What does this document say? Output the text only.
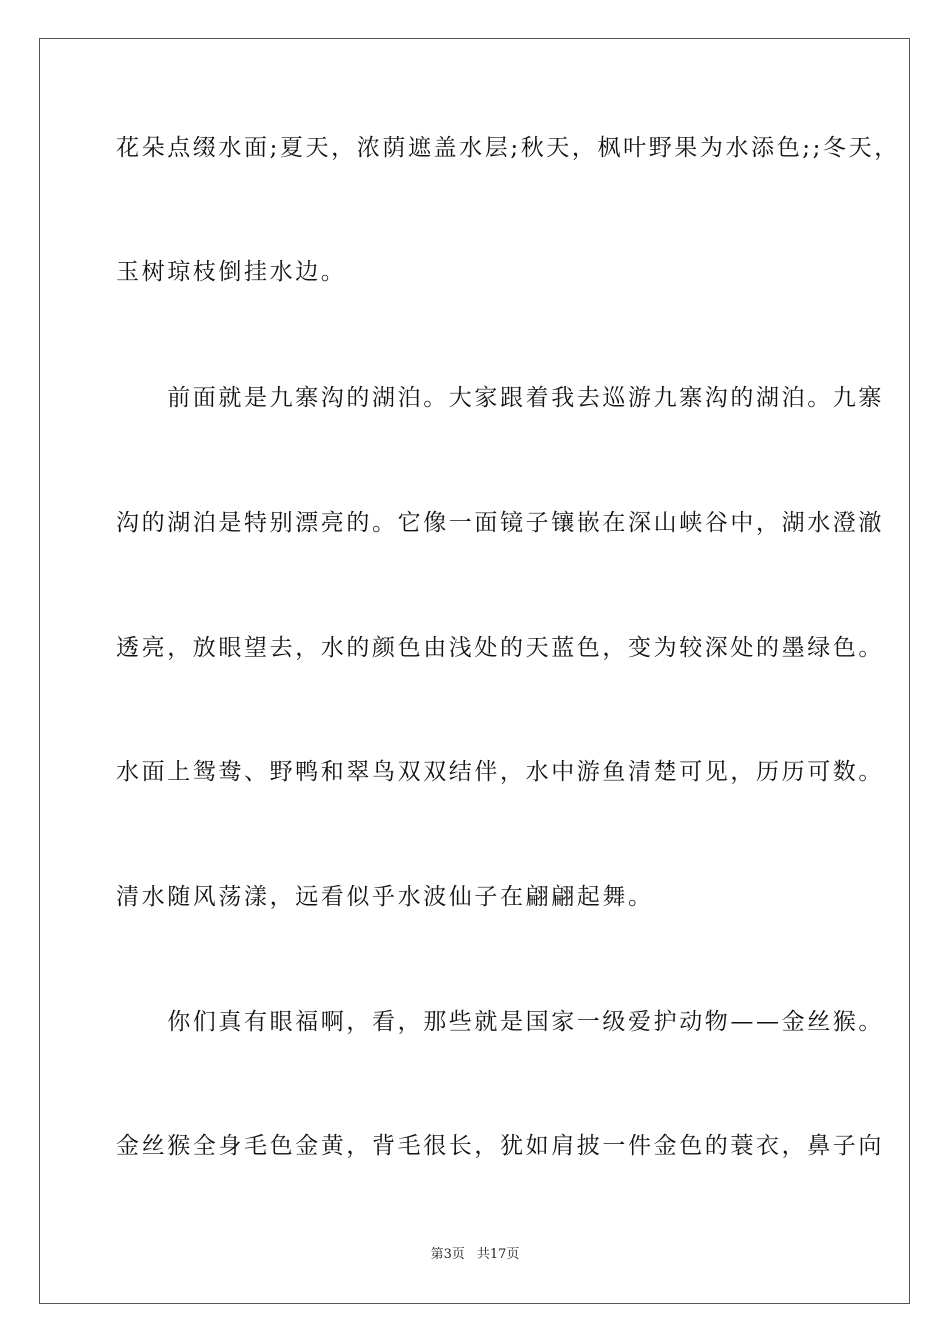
花朵点缀水面;夏天，浓荫遮盖水层;秋天，枫叶野果为水添色;;冬天，
玉树琼枝倒挂水边。
　　前面就是九寨沟的湖泊。大家跟着我去巡游九寨沟的湖泊。九寨
沟的湖泊是特别漂亮的。它像一面镜子镶嵌在深山峡谷中，湖水澄澈
透亮，放眼望去，水的颜色由浅处的天蓝色，变为较深处的墨绿色。
水面上鸳鸯、野鸭和翠鸟双双结伴，水中游鱼清楚可见，历历可数。
清水随风荡漾，远看似乎水波仙子在翩翩起舞。
　　你们真有眼福啊，看，那些就是国家一级爱护动物——金丝猴。
金丝猴全身毛色金黄，背毛很长，犹如肩披一件金色的蓑衣，鼻子向
第3页 共17页
